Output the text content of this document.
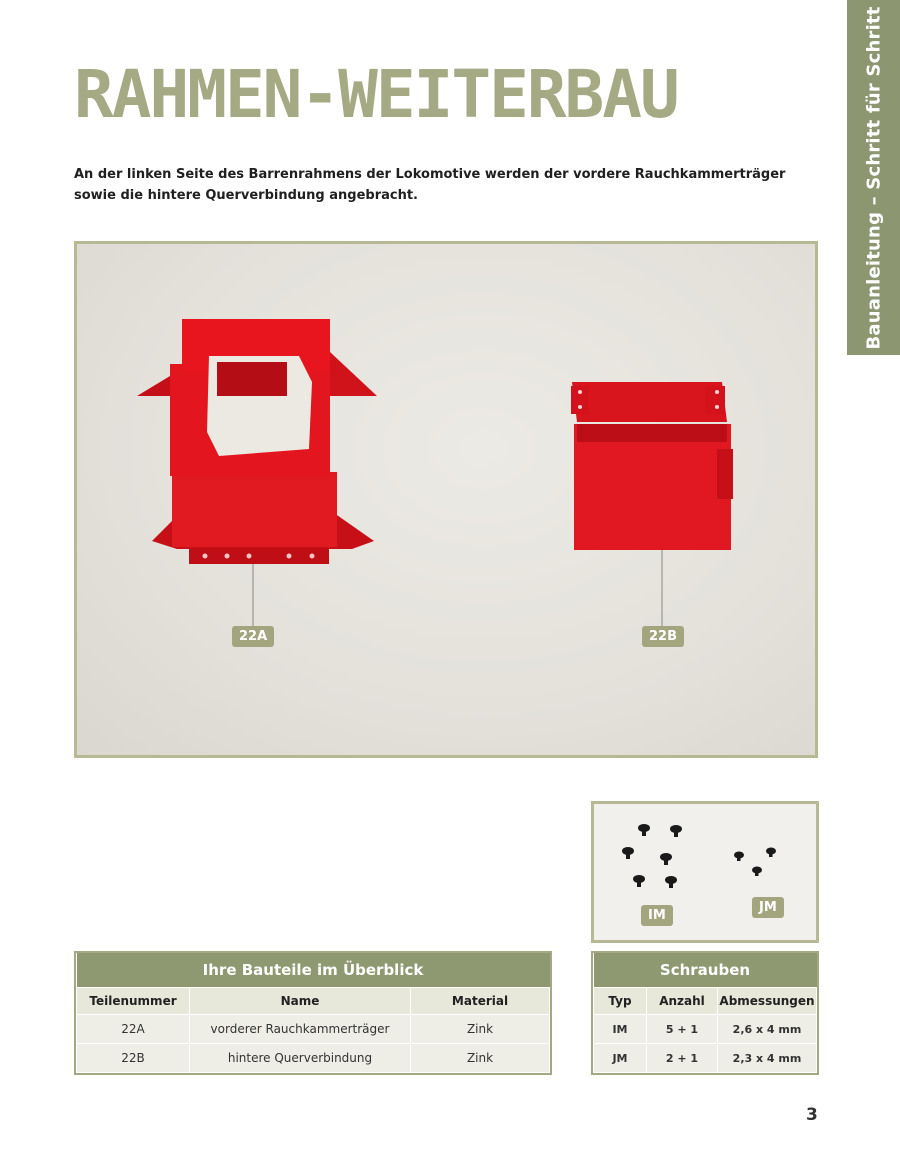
Bauanleitung – Schritt für Schritt
RAHMEN-WEITERBAU

An der linken Seite des Barrenrahmens der Lokomotive werden der vordere Rauchkammerträger sowie die hintere Querverbindung angebracht.

22A	22B
IM
JM
Ihre Bauteile im Überblick		
Teilenummer	Name	Material
22A	vorderer Rauchkammerträger	Zink
22B	hintere Querverbindung	Zink
Schrauben		
Typ	Anzahl	Abmessungen
IM	5 + 1	2,6 x 4 mm
JM	2 + 1	2,3 x 4 mm
3
